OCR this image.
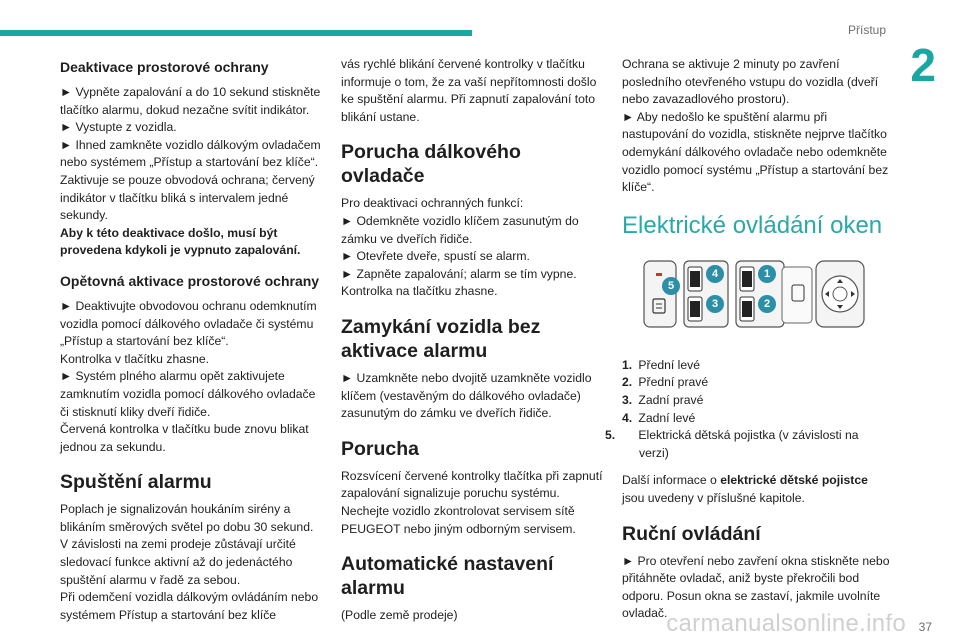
Přístup
2
Deaktivace prostorové ochrany

► Vypněte zapalování a do 10 sekund stiskněte tlačítko alarmu, dokud nezačne svítit indikátor.

► Vystupte z vozidla.

► Ihned zamkněte vozidlo dálkovým ovladačem nebo systémem „Přístup a startování bez klíče“.

Zaktivuje se pouze obvodová ochrana; červený indikátor v tlačítku bliká s intervalem jedné sekundy.

Aby k této deaktivace došlo, musí být provedena kdykoli je vypnuto zapalování.

Opětovná aktivace prostorové ochrany

► Deaktivujte obvodovou ochranu odemknutím vozidla pomocí dálkového ovladače či systému „Přístup a startování bez klíče“.

Kontrolka v tlačítku zhasne.

► Systém plného alarmu opět zaktivujete zamknutím vozidla pomocí dálkového ovladače či stisknutí kliky dveří řidiče.

Červená kontrolka v tlačítku bude znovu blikat jednou za sekundu.

Spuštění alarmu

Poplach je signalizován houkáním sirény a blikáním směrových světel po dobu 30 sekund.

V závislosti na zemi prodeje zůstávají určité sledovací funkce aktivní až do jedenáctého spuštění alarmu v řadě za sebou.

Při odemčení vozidla dálkovým ovládáním nebo systémem Přístup a startování bez klíče

vás rychlé blikání červené kontrolky v tlačítku informuje o tom, že za vaší nepřítomnosti došlo ke spuštění alarmu. Při zapnutí zapalování toto blikání ustane.

Porucha dálkového ovladače

Pro deaktivaci ochranných funkcí:

► Odemkněte vozidlo klíčem zasunutým do zámku ve dveřích řidiče.

► Otevřete dveře, spustí se alarm.

► Zapněte zapalování; alarm se tím vypne. Kontrolka na tlačítku zhasne.

Zamykání vozidla bez aktivace alarmu

► Uzamkněte nebo dvojitě uzamkněte vozidlo klíčem (vestavěným do dálkového ovladače) zasunutým do zámku ve dveřích řidiče.

Porucha

Rozsvícení červené kontrolky tlačítka při zapnutí zapalování signalizuje poruchu systému. Nechejte vozidlo zkontrolovat servisem sítě PEUGEOT nebo jiným odborným servisem.

Automatické nastavení alarmu

(Podle země prodeje)

Ochrana se aktivuje 2 minuty po zavření posledního otevřeného vstupu do vozidla (dveří nebo zavazadlového prostoru).

► Aby nedošlo ke spuštění alarmu při nastupování do vozidla, stiskněte nejprve tlačítko odemykání dálkového ovladače nebo odemkněte vozidlo pomocí systému „Přístup a startování bez klíče“.

Elektrické ovládání oken
5
4
3
1
2
1. Přední levé
2. Přední pravé
3. Zadní pravé
4. Zadní levé
5. Elektrická dětská pojistka (v závislosti na verzi)

Další informace o elektrické dětské pojistce jsou uvedeny v příslušné kapitole.

Ruční ovládání

► Pro otevření nebo zavření okna stiskněte nebo přitáhněte ovladač, aniž byste překročili bod odporu. Posun okna se zastaví, jakmile uvolníte ovladač.

carmanualsonline.info 37
